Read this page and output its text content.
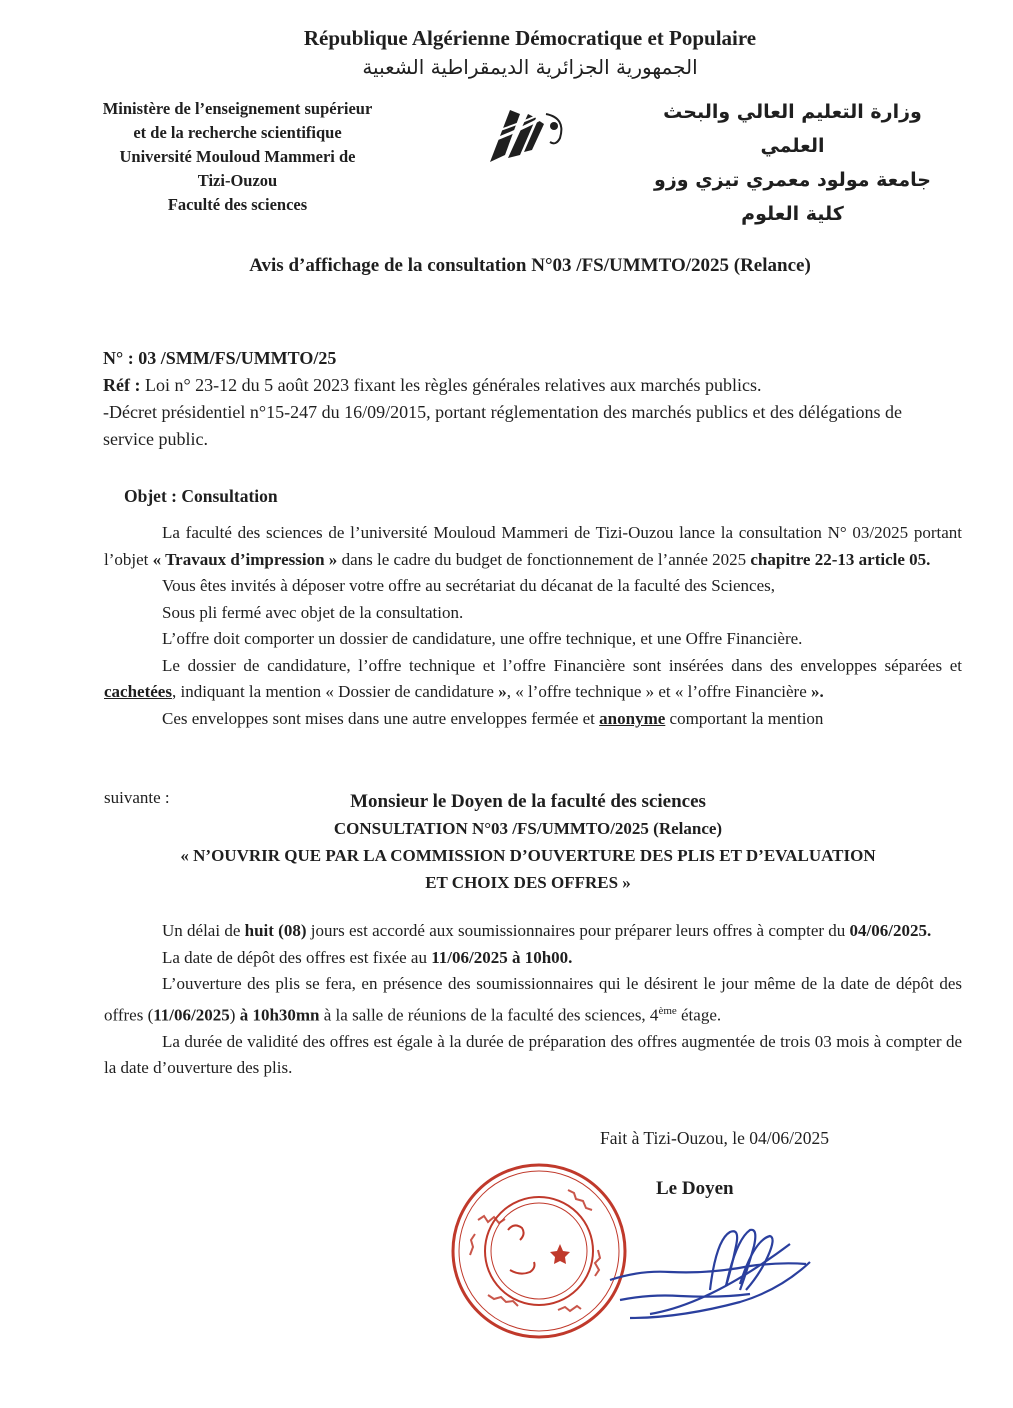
République Algérienne Démocratique et Populaire
الجمهورية الجزائرية الديمقراطية الشعبية
Ministère de l’enseignement supérieur
et de la recherche scientifique
Université Mouloud Mammeri de
Tizi-Ouzou
Faculté des sciences
وزارة التعليم العالي والبحث العلمي
جامعة مولود معمري تيزي وزو
كلية العلوم
Avis d’affichage de la consultation N°03 /FS/UMMTO/2025 (Relance)
N° : 03 /SMM/FS/UMMTO/25
Réf : Loi n° 23-12 du 5 août 2023 fixant les règles générales relatives aux marchés publics.
-Décret présidentiel n°15-247 du 16/09/2015, portant réglementation des marchés publics et des délégations de service public.
Objet : Consultation

La faculté des sciences de l’université Mouloud Mammeri de Tizi-Ouzou lance la consultation N° 03/2025 portant l’objet « Travaux d’impression » dans le cadre du budget de fonctionnement de l’année 2025 chapitre 22-13 article 05.

Vous êtes invités à déposer votre offre au secrétariat du décanat de la faculté des Sciences,

Sous pli fermé avec objet de la consultation.

L’offre doit comporter un dossier de candidature, une offre technique, et une Offre Financière.

Le dossier de candidature, l’offre technique et l’offre Financière sont insérées dans des enveloppes séparées et cachetées, indiquant la mention « Dossier de candidature », « l’offre technique » et « l’offre Financière ».

Ces enveloppes sont mises dans une autre enveloppes fermée et anonyme comportant la mention

suivante :	Monsieur le Doyen de la faculté des sciences
CONSULTATION N°03 /FS/UMMTO/2025 (Relance)
« N’OUVRIR QUE PAR LA COMMISSION D’OUVERTURE DES PLIS ET D’EVALUATION
ET CHOIX DES OFFRES »

Un délai de huit (08) jours est accordé aux soumissionnaires pour préparer leurs offres à compter du 04/06/2025.

La date de dépôt des offres est fixée au 11/06/2025 à 10h00.

L’ouverture des plis se fera, en présence des soumissionnaires qui le désirent le jour même de la date de dépôt des offres (11/06/2025) à 10h30mn à la salle de réunions de la faculté des sciences, 4ème étage.

La durée de validité des offres est égale à la durée de préparation des offres augmentée de trois 03 mois à compter de la date d’ouverture des plis.

Fait à Tizi-Ouzou, le 04/06/2025
Le Doyen
